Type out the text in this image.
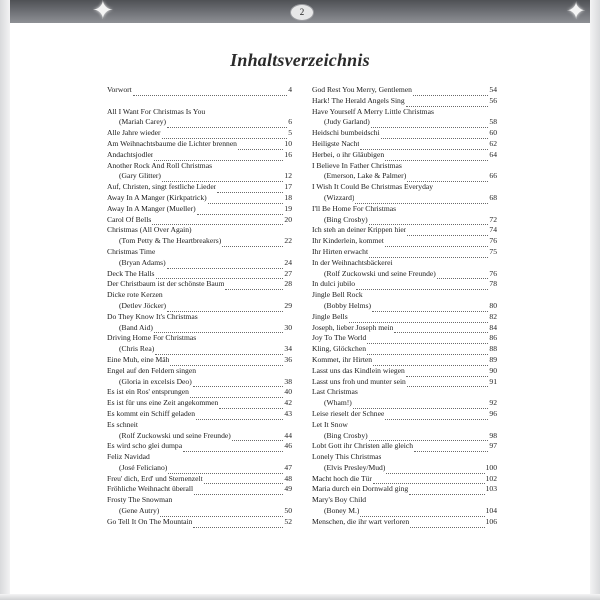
✦	✦
2
Inhaltsverzeichnis
Vorwort	4
All I Want For Christmas Is You
(Mariah Carey)	6
Alle Jahre wieder	5
Am Weihnachtsbaume die Lichter brennen	10
Andachtsjodler	16
Another Rock And Roll Christmas
(Gary Glitter)	12
Auf, Christen, singt festliche Lieder	17
Away In A Manger (Kirkpatrick)	18
Away In A Manger (Mueller)	19
Carol Of Bells	20
Christmas (All Over Again)
(Tom Petty & The Heartbreakers)	22
Christmas Time
(Bryan Adams)	24
Deck The Halls	27
Der Christbaum ist der schönste Baum	28
Dicke rote Kerzen
(Detlev Jöcker)	29
Do They Know It's Christmas
(Band Aid)	30
Driving Home For Christmas
(Chris Rea)	34
Eine Muh, eine Mäh	36
Engel auf den Feldern singen
(Gloria in excelsis Deo)	38
Es ist ein Ros' entsprungen	40
Es ist für uns eine Zeit angekommen	42
Es kommt ein Schiff geladen	43
Es schneit
(Rolf Zuckowski und seine Freunde)	44
Es wird scho glei dumpa	46
Feliz Navidad
(José Feliciano)	47
Freu' dich, Erd' und Sternenzelt	48
Fröhliche Weihnacht überall	49
Frosty The Snowman
(Gene Autry)	50
Go Tell It On The Mountain	52
God Rest You Merry, Gentlemen	54
Hark! The Herald Angels Sing	56
Have Yourself A Merry Little Christmas
(Judy Garland)	58
Heidschi bumbeidschi	60
Heiligste Nacht	62
Herbei, o ihr Gläubigen	64
I Believe In Father Christmas
(Emerson, Lake & Palmer)	66
I Wish It Could Be Christmas Everyday
(Wizzard)	68
I'll Be Home For Christmas
(Bing Crosby)	72
Ich steh an deiner Krippen hier	74
Ihr Kinderlein, kommet	76
Ihr Hirten erwacht	75
In der Weihnachtsbäckerei
(Rolf Zuckowski und seine Freunde)	76
In dulci jubilo	78
Jingle Bell Rock
(Bobby Helms)	80
Jingle Bells	82
Joseph, lieber Joseph mein	84
Joy To The World	86
Kling, Glöckchen	88
Kommet, ihr Hirten	89
Lasst uns das Kindlein wiegen	90
Lasst uns froh und munter sein	91
Last Christmas
(Wham!)	92
Leise rieselt der Schnee	96
Let It Snow
(Bing Crosby)	98
Lobt Gott ihr Christen alle gleich	97
Lonely This Christmas
(Elvis Presley/Mud)	100
Macht hoch die Tür	102
Maria durch ein Dornwald ging	103
Mary's Boy Child
(Boney M.)	104
Menschen, die ihr wart verloren	106
